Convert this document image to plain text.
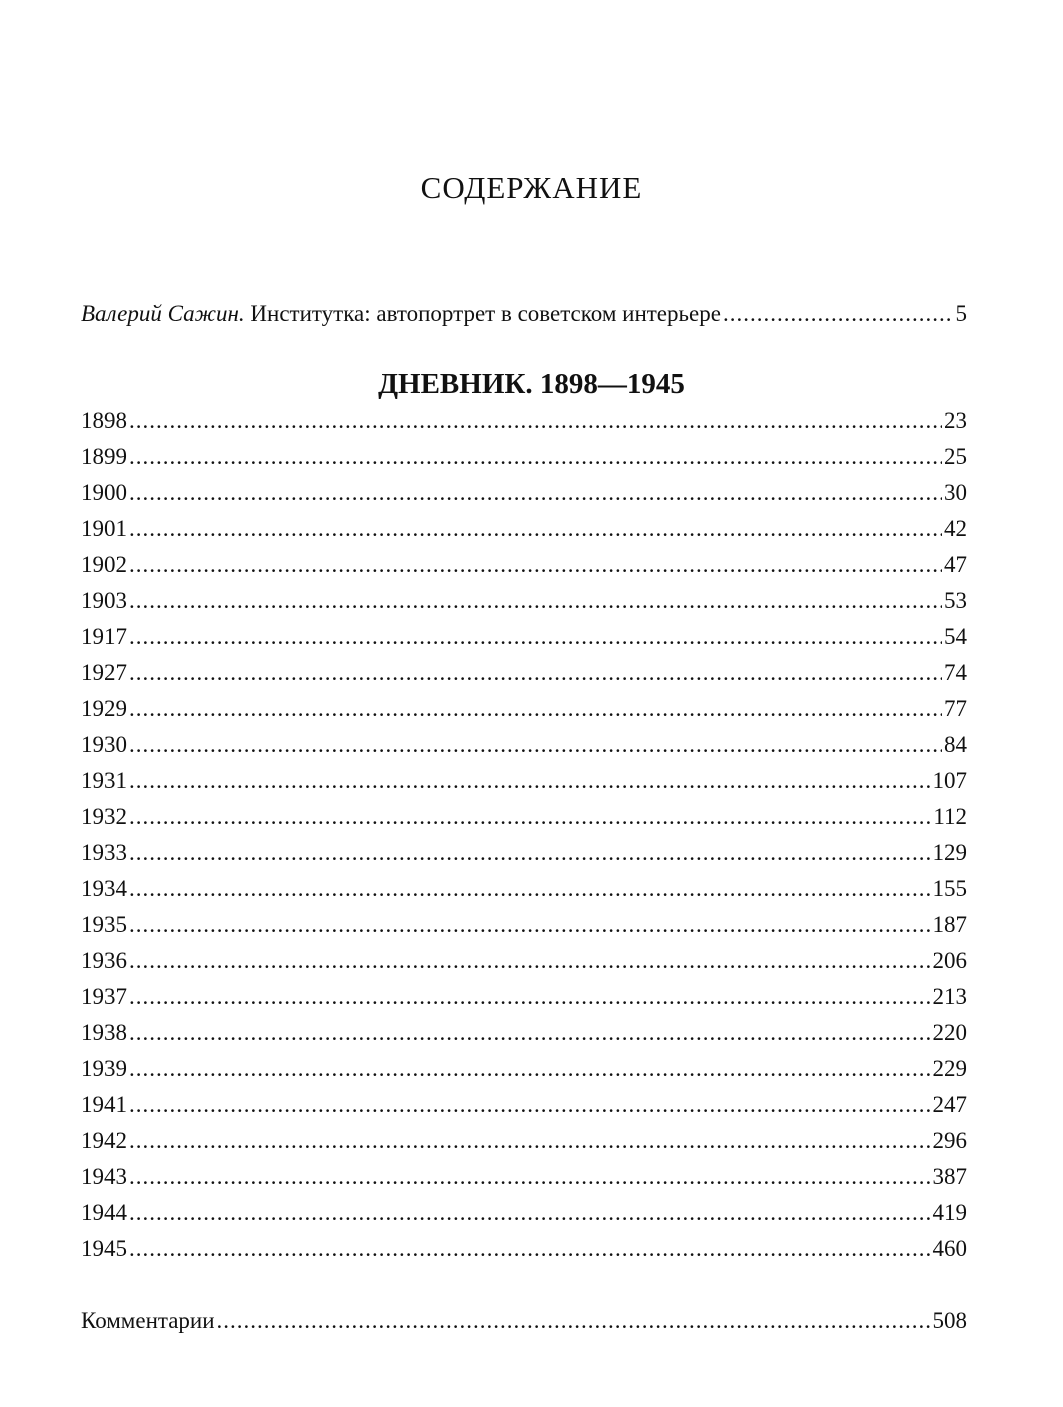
СОДЕРЖАНИЕ
Валерий Сажин. Институтка: автопортрет в советском интерьере .....	5
ДНЕВНИК. 1898—1945
1898 .....	23
1899 .....	25
1900 .....	30
1901 .....	42
1902 .....	47
1903 .....	53
1917 .....	54
1927 .....	74
1929 .....	77
1930 .....	84
1931 .....	107
1932 .....	112
1933 .....	129
1934 .....	155
1935 .....	187
1936 .....	206
1937 .....	213
1938 .....	220
1939 .....	229
1941 .....	247
1942 .....	296
1943 .....	387
1944 .....	419
1945 .....	460
Комментарии .....	508
